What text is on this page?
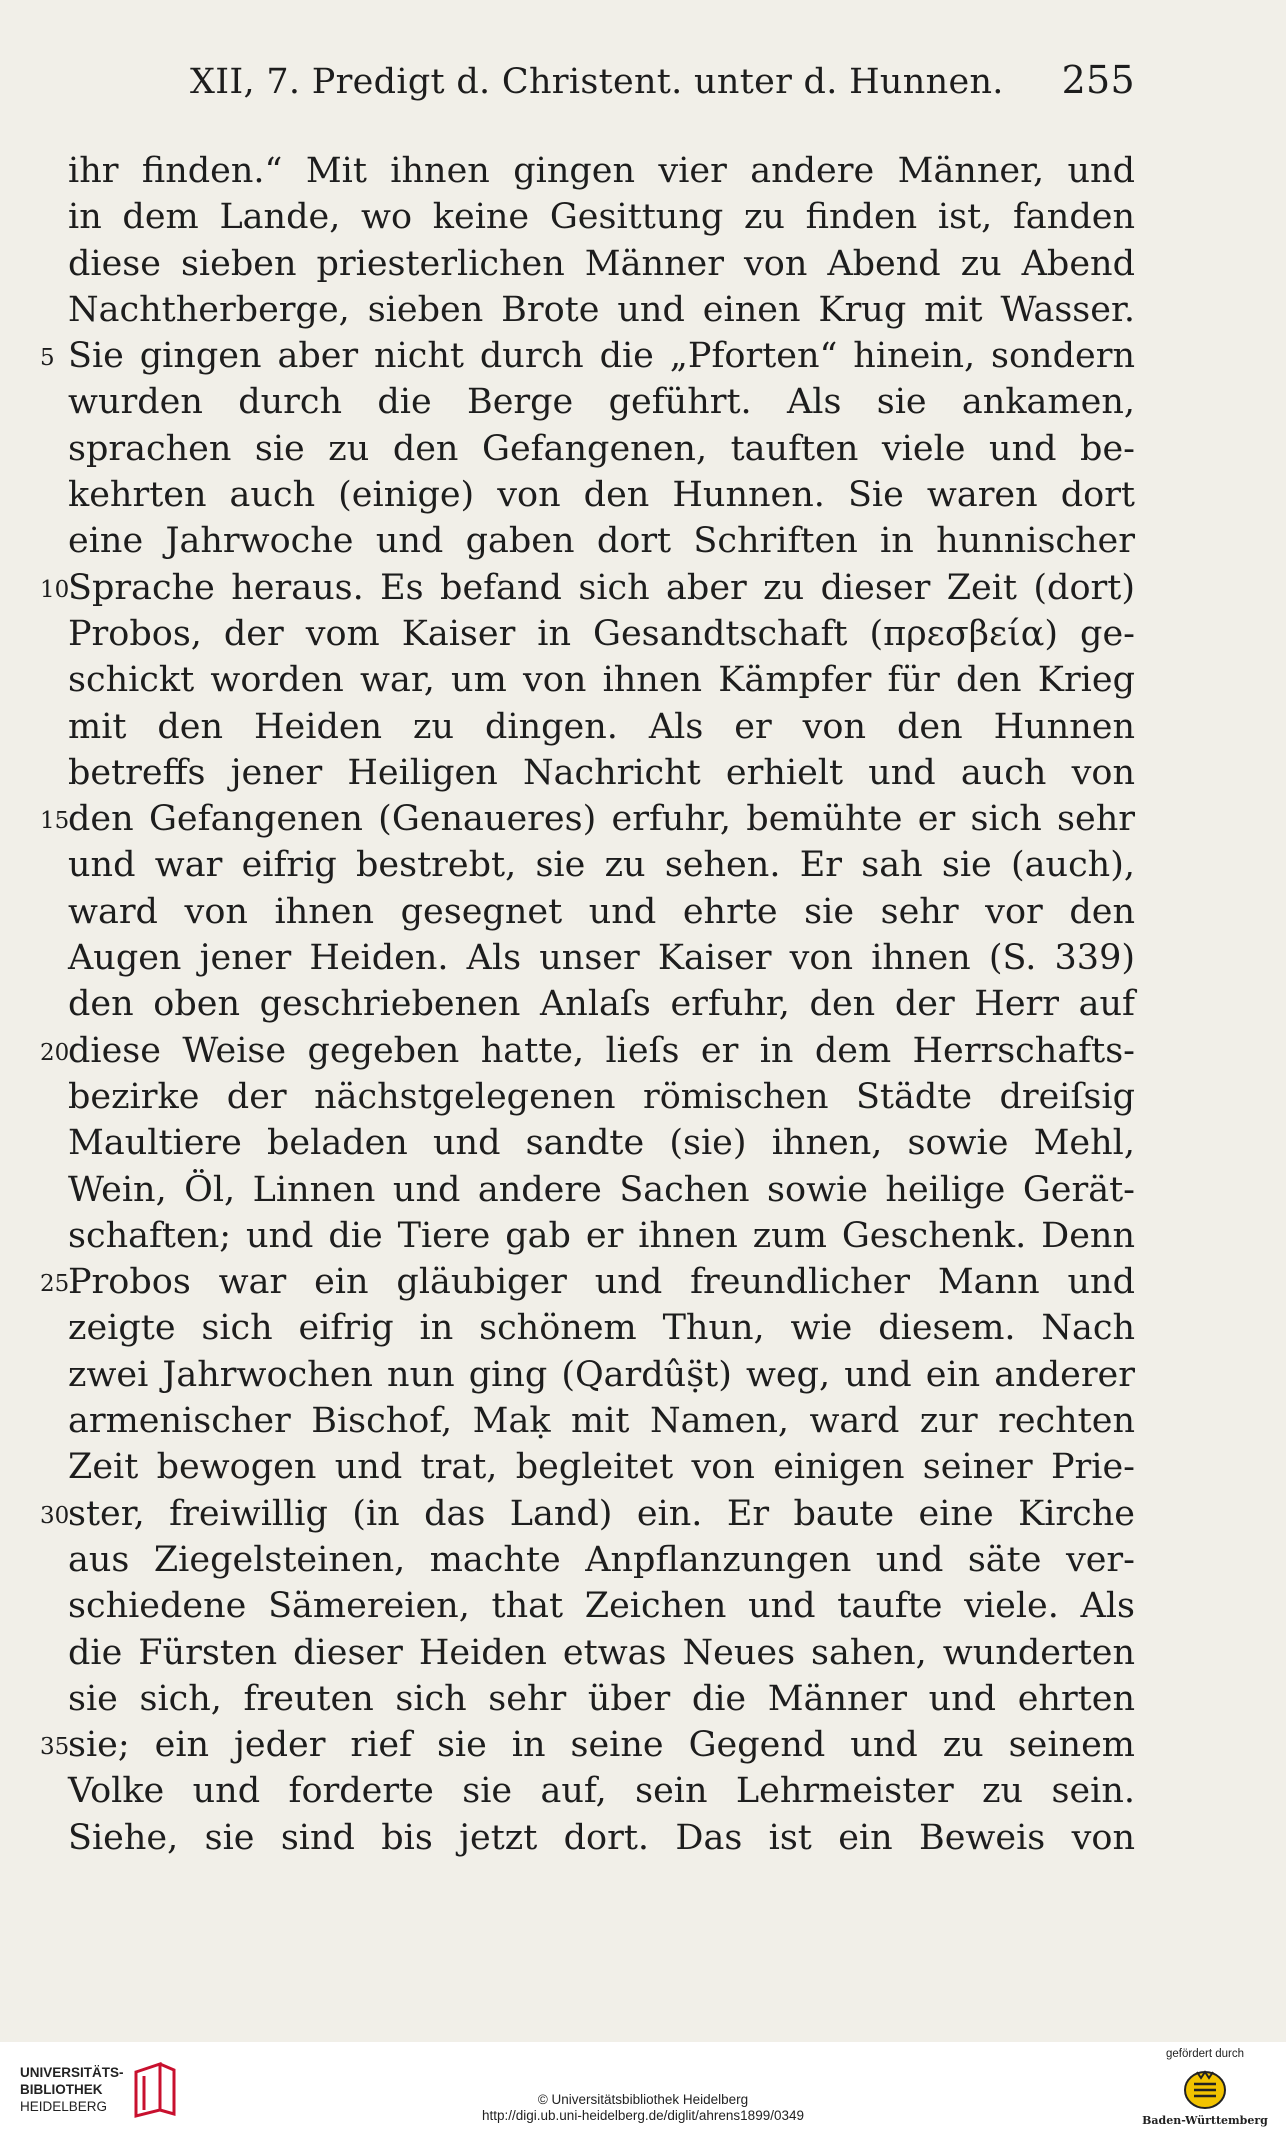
XII, 7. Predigt d. Christent. unter d. Hunnen. 255
ihr finden.“ Mit ihnen gingen vier andere Männer, und
in dem Lande, wo keine Gesittung zu finden ist, fanden
diese sieben priesterlichen Männer von Abend zu Abend
Nachtherberge, sieben Brote und einen Krug mit Wasser.
5 Sie gingen aber nicht durch die „Pforten“ hinein, sondern
wurden durch die Berge geführt. Als sie ankamen,
sprachen sie zu den Gefangenen, tauften viele und be-
kehrten auch (einige) von den Hunnen. Sie waren dort
eine Jahrwoche und gaben dort Schriften in hunnischer
10
Sprache heraus. Es befand sich aber zu dieser Zeit (dort)
Probos, der vom Kaiser in Gesandtschaft (πρεσβεία) ge-
schickt worden war, um von ihnen Kämpfer für den Krieg
mit den Heiden zu dingen. Als er von den Hunnen
betreffs jener Heiligen Nachricht erhielt und auch von
15
den Gefangenen (Genaueres) erfuhr, bemühte er sich sehr
und war eifrig bestrebt, sie zu sehen. Er sah sie (auch),
ward von ihnen gesegnet und ehrte sie sehr vor den
Augen jener Heiden. Als unser Kaiser von ihnen (S. 339)
den oben geschriebenen Anlaſs erfuhr, den der Herr auf
20
diese Weise gegeben hatte, lieſs er in dem Herrschafts-
bezirke der nächstgelegenen römischen Städte dreiſsig
Maultiere beladen und sandte (sie) ihnen, sowie Mehl,
Wein, Öl, Linnen und andere Sachen sowie heilige Gerät-
schaften; und die Tiere gab er ihnen zum Geschenk. Denn
25
Probos war ein gläubiger und freundlicher Mann und
zeigte sich eifrig in schönem Thun, wie diesem. Nach
zwei Jahrwochen nun ging (Qardûṣ̈t) weg, und ein anderer
armenischer Bischof, Maḳ mit Namen, ward zur rechten
Zeit bewogen und trat, begleitet von einigen seiner Prie-
30
ster, freiwillig (in das Land) ein. Er baute eine Kirche
aus Ziegelsteinen, machte Anpflanzungen und säte ver-
schiedene Sämereien, that Zeichen und taufte viele. Als
die Fürsten dieser Heiden etwas Neues sahen, wunderten
sie sich, freuten sich sehr über die Männer und ehrten
35
sie; ein jeder rief sie in seine Gegend und zu seinem
Volke und forderte sie auf, sein Lehrmeister zu sein.
Siehe, sie sind bis jetzt dort. Das ist ein Beweis von
UNIVERSITÄTS-
BIBLIOTHEK
HEIDELBERG	© Universitätsbibliothek Heidelberg
http://digi.ub.uni-heidelberg.de/diglit/ahrens1899/0349
gefördert durch
Baden-Württemberg
